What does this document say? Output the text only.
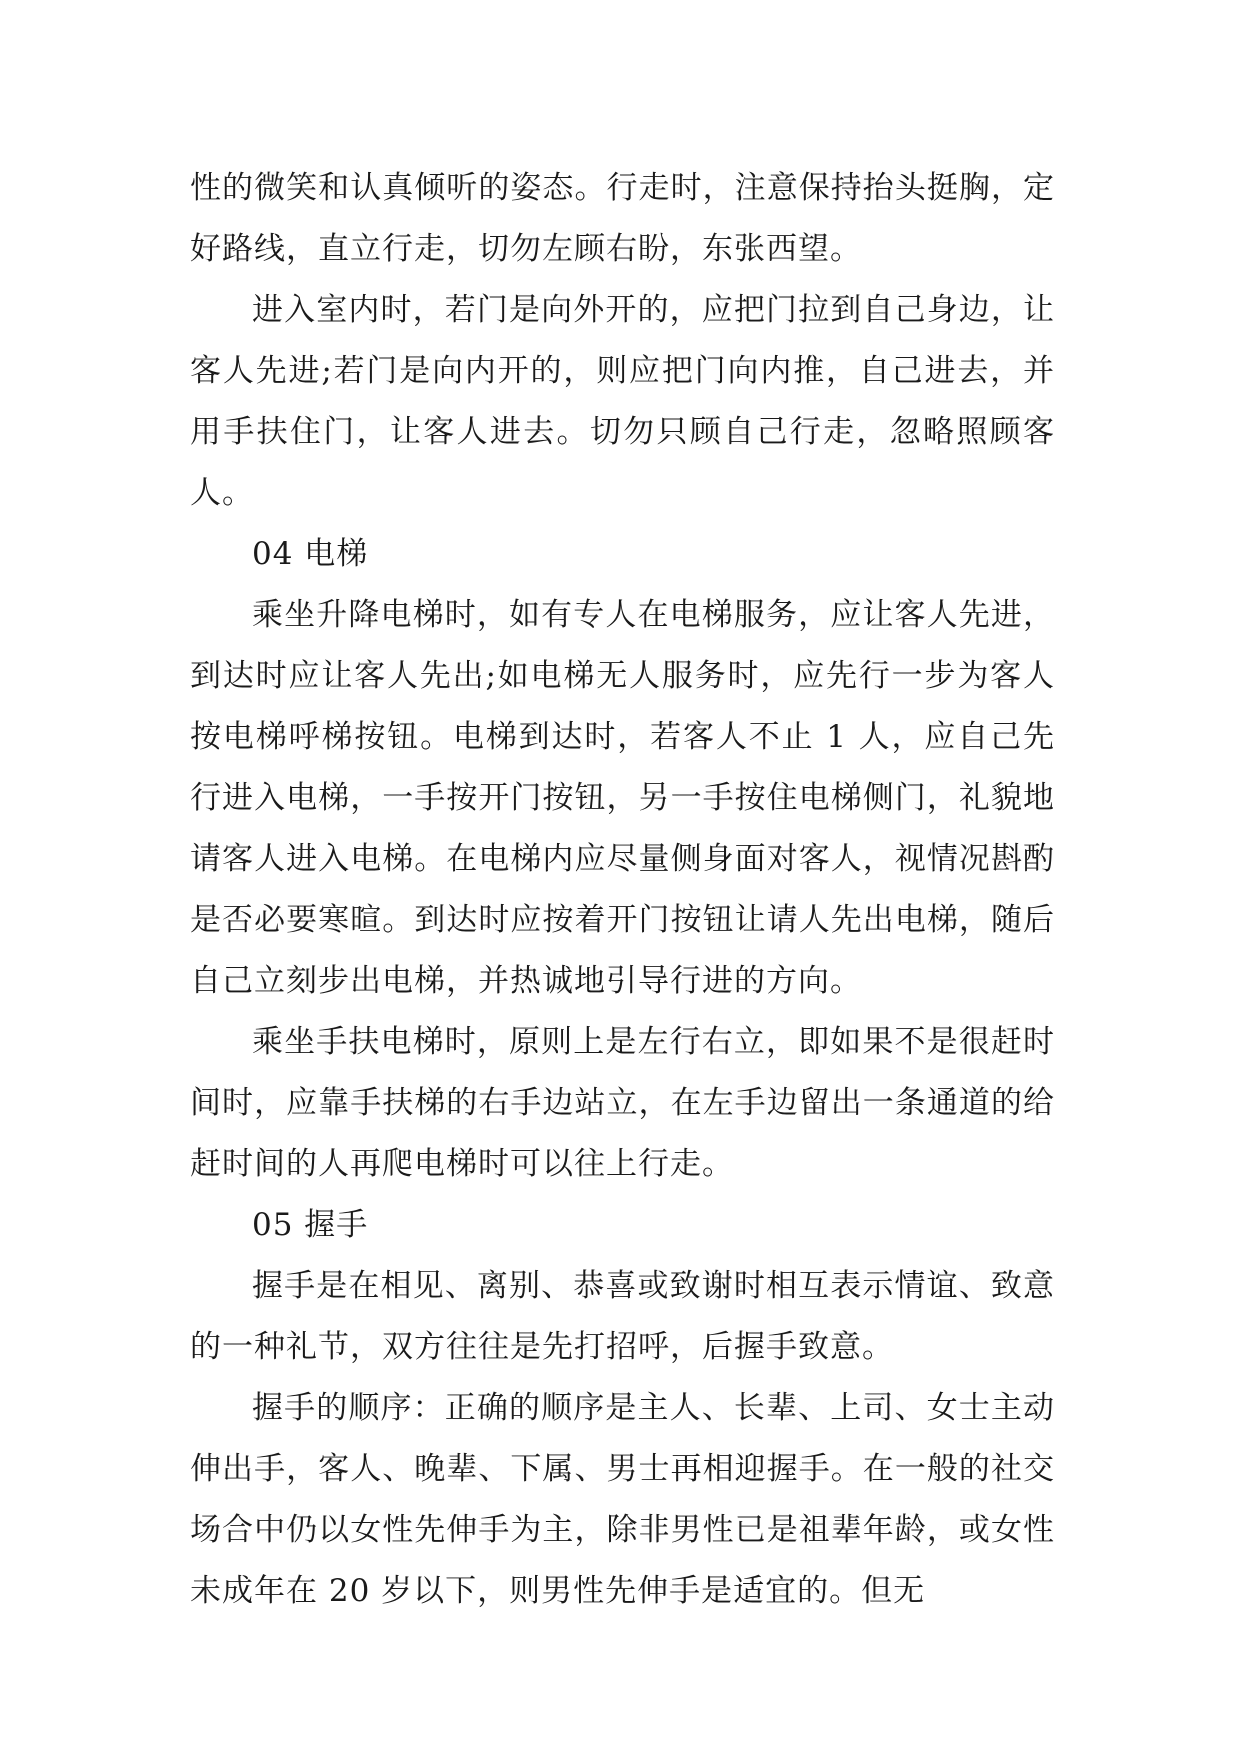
性的微笑和认真倾听的姿态。行走时，注意保持抬头挺胸，定好路线，直立行走，切勿左顾右盼，东张西望。

进入室内时，若门是向外开的，应把门拉到自己身边，让客人先进;若门是向内开的，则应把门向内推，自己进去，并用手扶住门，让客人进去。切勿只顾自己行走，忽略照顾客人。

04 电梯

乘坐升降电梯时，如有专人在电梯服务，应让客人先进，到达时应让客人先出;如电梯无人服务时，应先行一步为客人按电梯呼梯按钮。电梯到达时，若客人不止 1 人，应自己先行进入电梯，一手按开门按钮，另一手按住电梯侧门，礼貌地请客人进入电梯。在电梯内应尽量侧身面对客人，视情况斟酌是否必要寒暄。到达时应按着开门按钮让请人先出电梯，随后自己立刻步出电梯，并热诚地引导行进的方向。

乘坐手扶电梯时，原则上是左行右立，即如果不是很赶时间时，应靠手扶梯的右手边站立，在左手边留出一条通道的给赶时间的人再爬电梯时可以往上行走。

05 握手

握手是在相见、离别、恭喜或致谢时相互表示情谊、致意的一种礼节，双方往往是先打招呼，后握手致意。

握手的顺序：正确的顺序是主人、长辈、上司、女士主动伸出手，客人、晚辈、下属、男士再相迎握手。在一般的社交场合中仍以女性先伸手为主，除非男性已是祖辈年龄，或女性未成年在 20 岁以下，则男性先伸手是适宜的。但无
